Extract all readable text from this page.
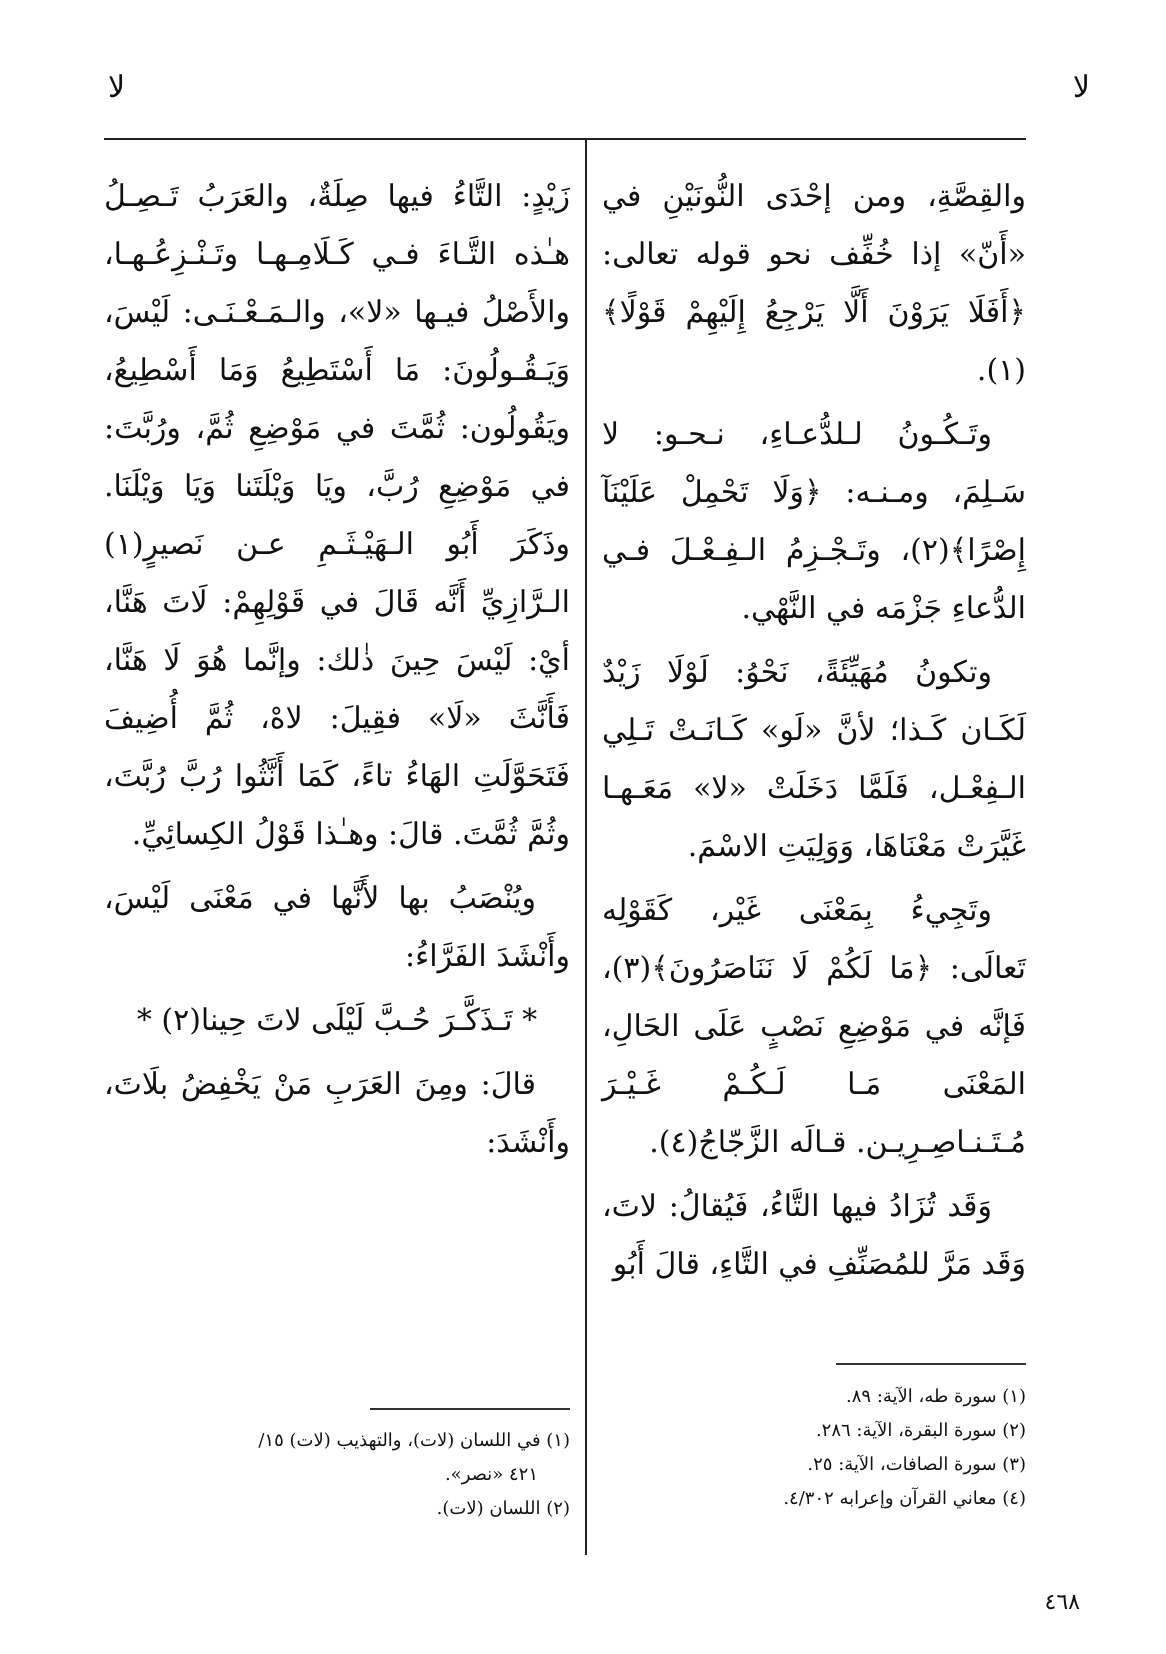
لا
لا

والقِصَّةِ، ومن إحْدَى النُّونَيْنِ في «أَنّ» إذا خُفِّف نحو قوله تعالى: ﴿أَفَلَا يَرَوْنَ أَلَّا يَرْجِعُ إِلَيْهِمْ قَوْلًا﴾(١).

وتَـكُـونُ لـلدُّعـاءِ، نـحـو: لا سَـلِمَ، ومـنـه: ﴿وَلَا تَحْمِلْ عَلَيْنَآ إِصْرًا﴾(٢)، وتَـجْـزِمُ الـفِـعْـلَ فـي الدُّعاءِ جَزْمَه في النَّهْي.

وتكونُ مُهَيِّئَةً، نَحْوُ: لَوْلَا زَيْدٌ لَكَـان كَـذا؛ لأنَّ «لَو» كَـانَـتْ تَـلِي الـفِعْـل، فَلَمَّا دَخَلَتْ «لا» مَعَـهـا غَيَّرَتْ مَعْنَاهَا، وَوَلِيَتِ الاسْمَ.

وتَجِيءُ بِمَعْنَى غَيْر، كَقَوْلِه تَعالَى: ﴿مَا لَكُمْ لَا نَنَاصَرُونَ﴾(٣)، فَإنَّه في مَوْضِعِ نَصْبٍ عَلَى الحَالِ، المَعْنَى مَـا لَـكُـمْ غَـيْـرَ مُـتَـنـاصِـرِيـن. قـالَه الزَّجّاجُ(٤).

وَقَد تُزَادُ فيها التَّاءُ، فَيُقالُ: لاتَ، وَقَد مَرَّ للمُصَنِّفِ في التَّاءِ، قالَ أَبُو

زَيْدٍ: التَّاءُ فيها صِلَةٌ، والعَرَبُ تَـصِـلُ هـٰذه التَّـاءَ فـي كَـلَامِـهـا وتَـنْـزِعُـهـا، والأَصْلُ فيـها «لا»، والـمَـعْـنَـى: لَيْسَ، وَيَـقُـولُونَ: مَا أَسْتَطِيعُ وَمَا أَسْطِيعُ، ويَقُولُون: ثُمَّتَ في مَوْضِعِ ثُمَّ، ورُبَّتَ: في مَوْضِعِ رُبَّ، ويَا وَيْلَتَنا وَيَا وَيْلَنَا. وذَكَرَ أَبُو الـهَيْـثَـمِ عـن نَصيرٍ(١) الـرَّازِيِّ أَنَّه قَالَ في قَوْلِهِمْ: لَاتَ هَنَّا، أيْ: لَيْسَ حِينَ ذٰلك: وإنَّما هُوَ لَا هَنَّا، فَأَنَّثَ «لَا» فقِيلَ: لاهْ، ثُمَّ أُضِيفَ فَتَحَوَّلَتِ الهَاءُ تاءً، كَمَا أَنَّثُوا رُبَّ رُبَّتَ، وثُمَّ ثُمَّتَ. قالَ: وهـٰذا قَوْلُ الكِسائِيِّ.

ويُنْصَبُ بها لأَنَّها في مَعْنَى لَيْسَ، وأَنْشَدَ الفَرَّاءُ:

* تَـذَكَّـرَ حُـبَّ لَيْلَى لاتَ حِينا(٢) *

قالَ: ومِنَ العَرَبِ مَنْ يَخْفِضُ بلَاتَ، وأَنْشَدَ:

(١) سورة طه، الآية: ٨٩.

(٢) سورة البقرة، الآية: ٢٨٦.

(٣) سورة الصافات، الآية: ٢٥.

(٤) معاني القرآن وإعرابه ٤/٣٠٢.

(١) في اللسان (لات)، والتهذيب (لات) ١٥/

٤٢١ «نصر».

(٢) اللسان (لات).

٤٦٨
